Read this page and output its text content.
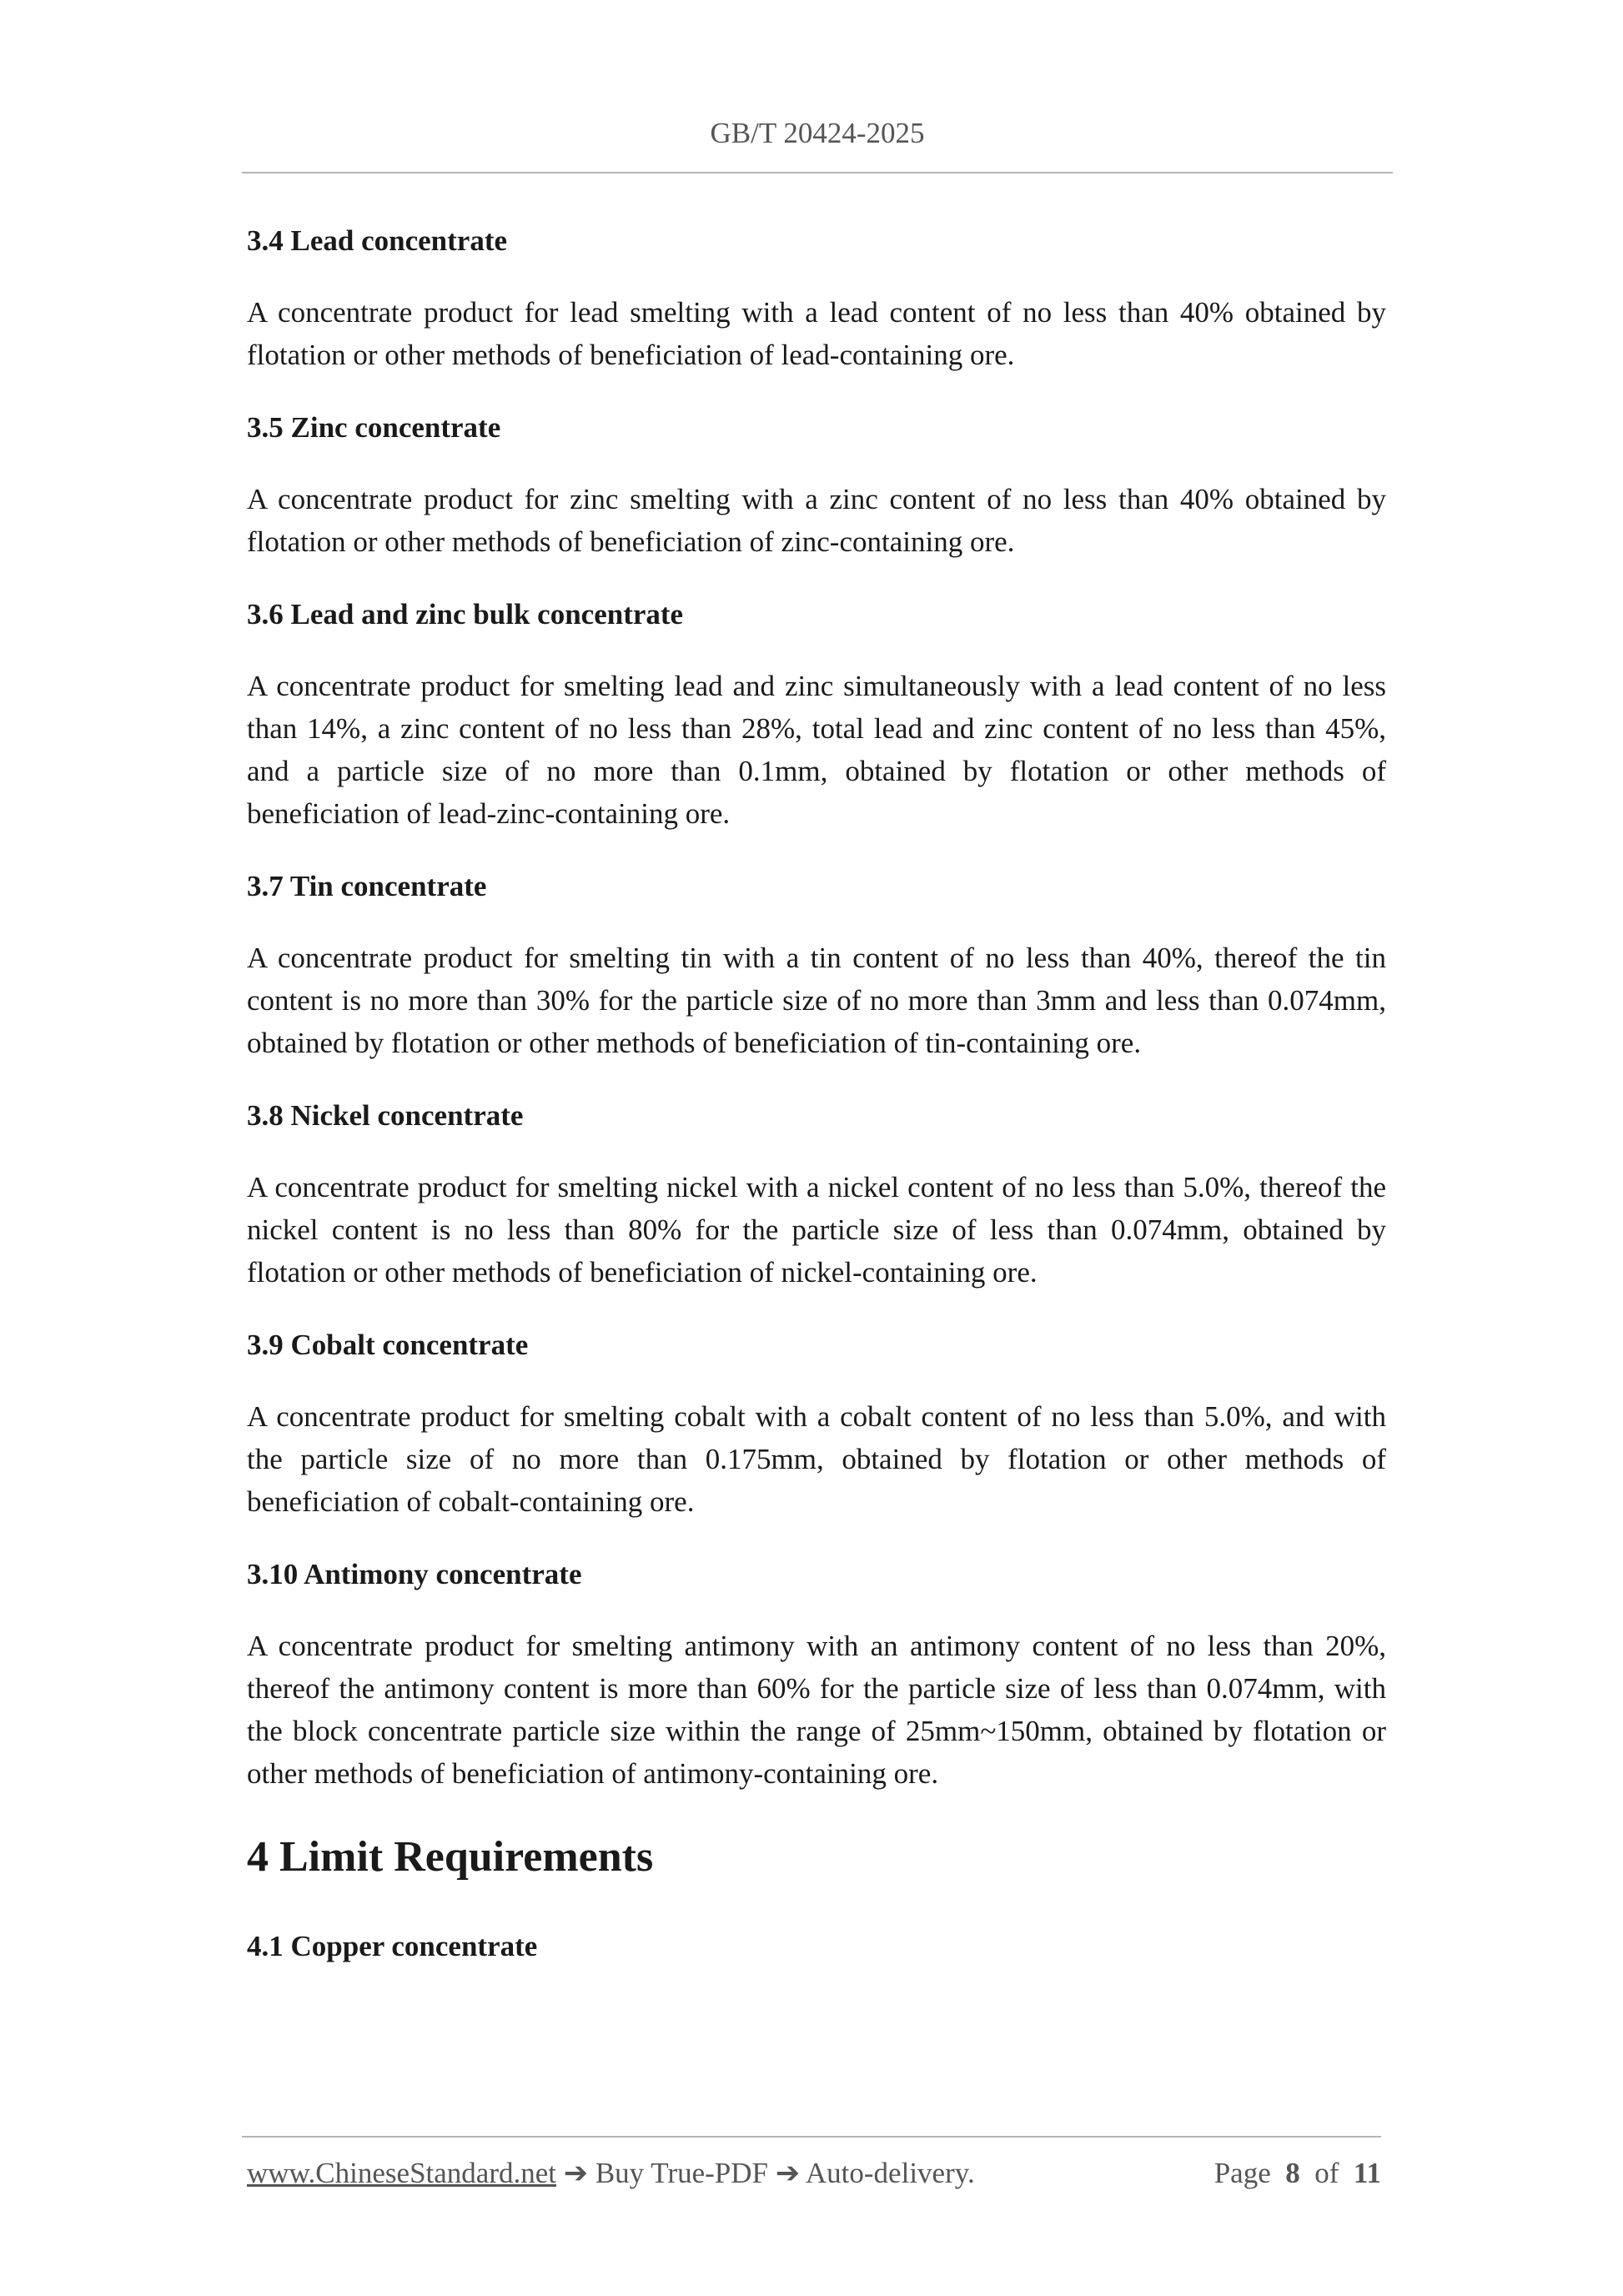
GB/T 20424-2025
3.4 Lead concentrate
A concentrate product for lead smelting with a lead content of no less than 40% obtained by flotation or other methods of beneficiation of lead-containing ore.
3.5 Zinc concentrate
A concentrate product for zinc smelting with a zinc content of no less than 40% obtained by flotation or other methods of beneficiation of zinc-containing ore.
3.6 Lead and zinc bulk concentrate
A concentrate product for smelting lead and zinc simultaneously with a lead content of no less than 14%, a zinc content of no less than 28%, total lead and zinc content of no less than 45%, and a particle size of no more than 0.1mm, obtained by flotation or other methods of beneficiation of lead-zinc-containing ore.
3.7 Tin concentrate
A concentrate product for smelting tin with a tin content of no less than 40%, thereof the tin content is no more than 30% for the particle size of no more than 3mm and less than 0.074mm, obtained by flotation or other methods of beneficiation of tin-containing ore.
3.8 Nickel concentrate
A concentrate product for smelting nickel with a nickel content of no less than 5.0%, thereof the nickel content is no less than 80% for the particle size of less than 0.074mm, obtained by flotation or other methods of beneficiation of nickel-containing ore.
3.9 Cobalt concentrate
A concentrate product for smelting cobalt with a cobalt content of no less than 5.0%, and with the particle size of no more than 0.175mm, obtained by flotation or other methods of beneficiation of cobalt-containing ore.
3.10 Antimony concentrate
A concentrate product for smelting antimony with an antimony content of no less than 20%, thereof the antimony content is more than 60% for the particle size of less than 0.074mm, with the block concentrate particle size within the range of 25mm~150mm, obtained by flotation or other methods of beneficiation of antimony-containing ore.
4 Limit Requirements
4.1 Copper concentrate
www.ChineseStandard.net ➔ Buy True-PDF ➔ Auto-delivery.	Page 8 of 11
